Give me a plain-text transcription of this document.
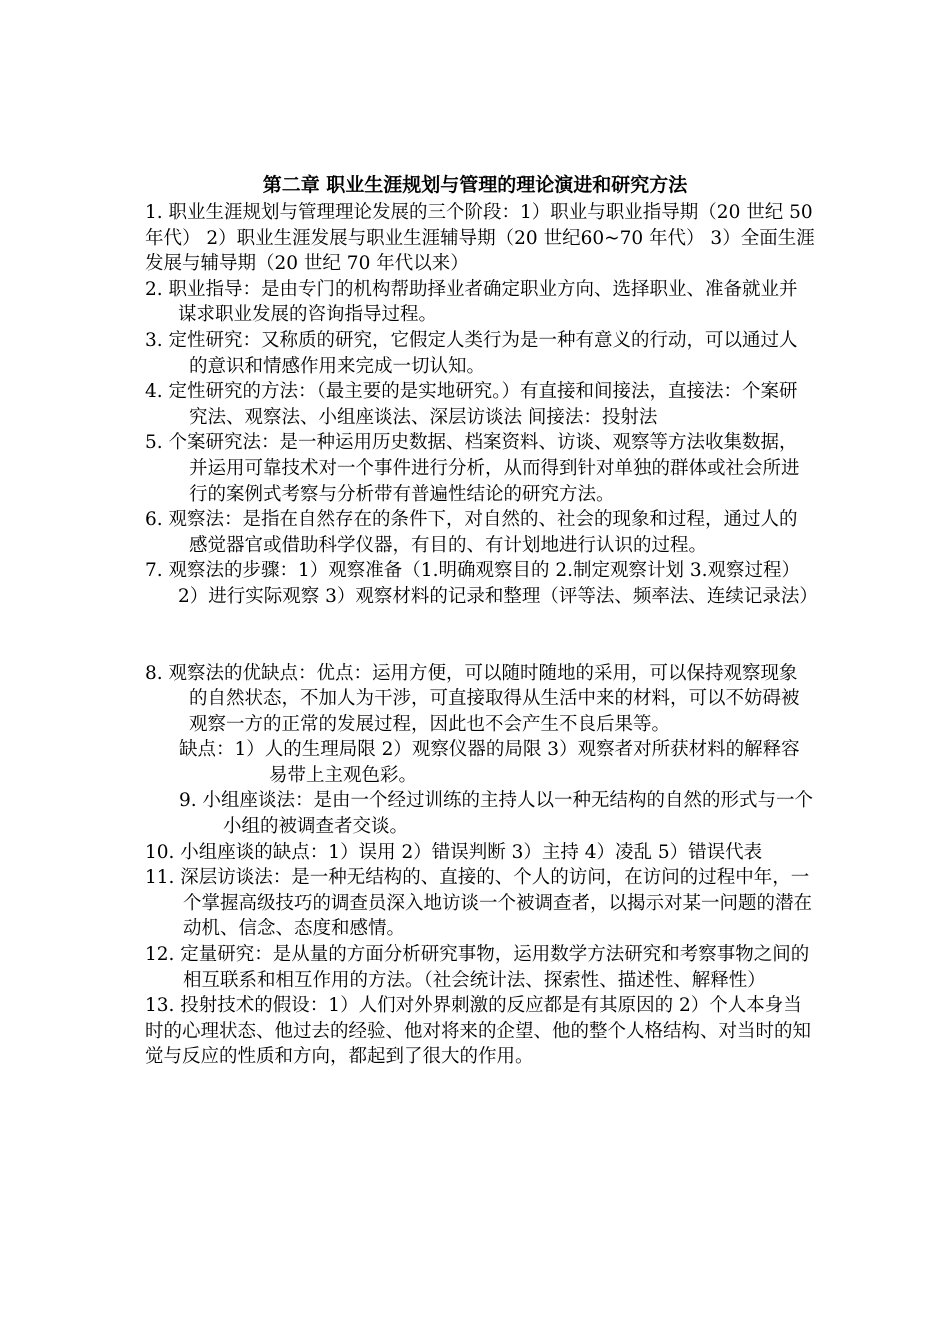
第二章 职业生涯规划与管理的理论演进和研究方法

1. 职业生涯规划与管理理论发展的三个阶段：1）职业与职业指导期（20 世纪 50 年代） 2）职业生涯发展与职业生涯辅导期（20 世纪60~70 年代） 3）全面生涯发展与辅导期（20 世纪 70 年代以来）

2. 职业指导：是由专门的机构帮助择业者确定职业方向、选择职业、准备就业并谋求职业发展的咨询指导过程。

3. 定性研究：又称质的研究，它假定人类行为是一种有意义的行动，可以通过人的意识和情感作用来完成一切认知。

4. 定性研究的方法：（最主要的是实地研究。）有直接和间接法，直接法：个案研究法、观察法、小组座谈法、深层访谈法 间接法：投射法

5. 个案研究法：是一种运用历史数据、档案资料、访谈、观察等方法收集数据，并运用可靠技术对一个事件进行分析，从而得到针对单独的群体或社会所进行的案例式考察与分析带有普遍性结论的研究方法。

6. 观察法：是指在自然存在的条件下，对自然的、社会的现象和过程，通过人的感觉器官或借助科学仪器，有目的、有计划地进行认识的过程。

7. 观察法的步骤：1）观察准备（1.明确观察目的 2.制定观察计划 3.观察过程） 2）进行实际观察 3）观察材料的记录和整理（评等法、频率法、连续记录法）

8. 观察法的优缺点：优点：运用方便，可以随时随地的采用，可以保持观察现象的自然状态，不加人为干涉，可直接取得从生活中来的材料，可以不妨碍被观察一方的正常的发展过程，因此也不会产生不良后果等。

缺点：1）人的生理局限 2）观察仪器的局限 3）观察者对所获材料的解释容易带上主观色彩。

9. 小组座谈法：是由一个经过训练的主持人以一种无结构的自然的形式与一个小组的被调查者交谈。

10. 小组座谈的缺点：1）误用 2）错误判断 3）主持 4）凌乱 5）错误代表

11. 深层访谈法：是一种无结构的、直接的、个人的访问，在访问的过程中年，一个掌握高级技巧的调查员深入地访谈一个被调查者，以揭示对某一问题的潜在动机、信念、态度和感情。

12. 定量研究：是从量的方面分析研究事物，运用数学方法研究和考察事物之间的相互联系和相互作用的方法。（社会统计法、探索性、描述性、解释性）

13. 投射技术的假设：1）人们对外界刺激的反应都是有其原因的 2）个人本身当时的心理状态、他过去的经验、他对将来的企望、他的整个人格结构、对当时的知觉与反应的性质和方向，都起到了很大的作用。
